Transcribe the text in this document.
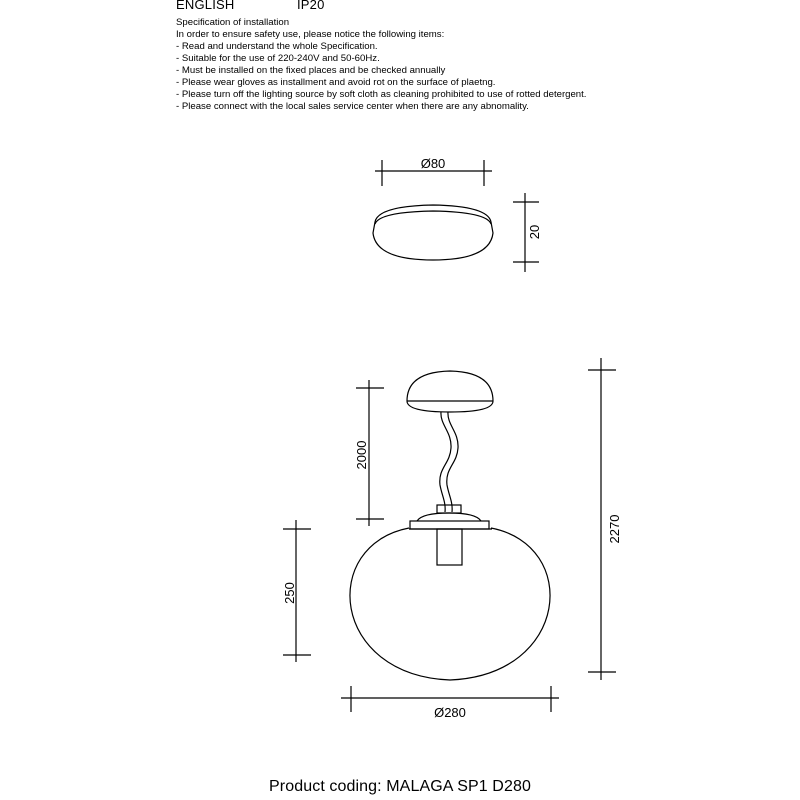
ENGLISH	IP20
Specification of installation
In order to ensure safety use, please notice the following items:
- Read and understand the whole Specification.
- Suitable for the use of 220-240V and 50-60Hz.
- Must be installed on the fixed places and be checked annually
- Please wear gloves as installment and avoid rot on the surface of plaetng.
- Please turn off the lighting source by soft cloth as cleaning prohibited to use of rotted detergent.
- Please connect with the local sales service center when there are any abnomality.
Ø80
20
2000
2270
250
Ø280
Product coding: MALAGA SP1 D280
